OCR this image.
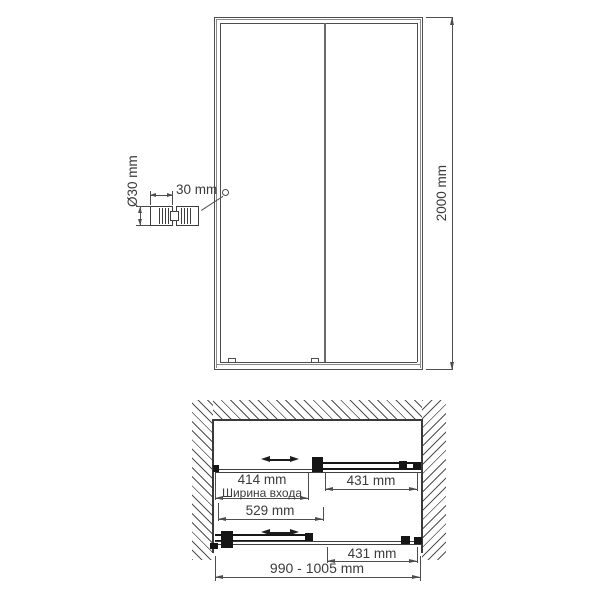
2000 mm
30 mm
Ø30 mm
414 mm
Ширина входа
431 mm
529 mm
431 mm
990 - 1005 mm
